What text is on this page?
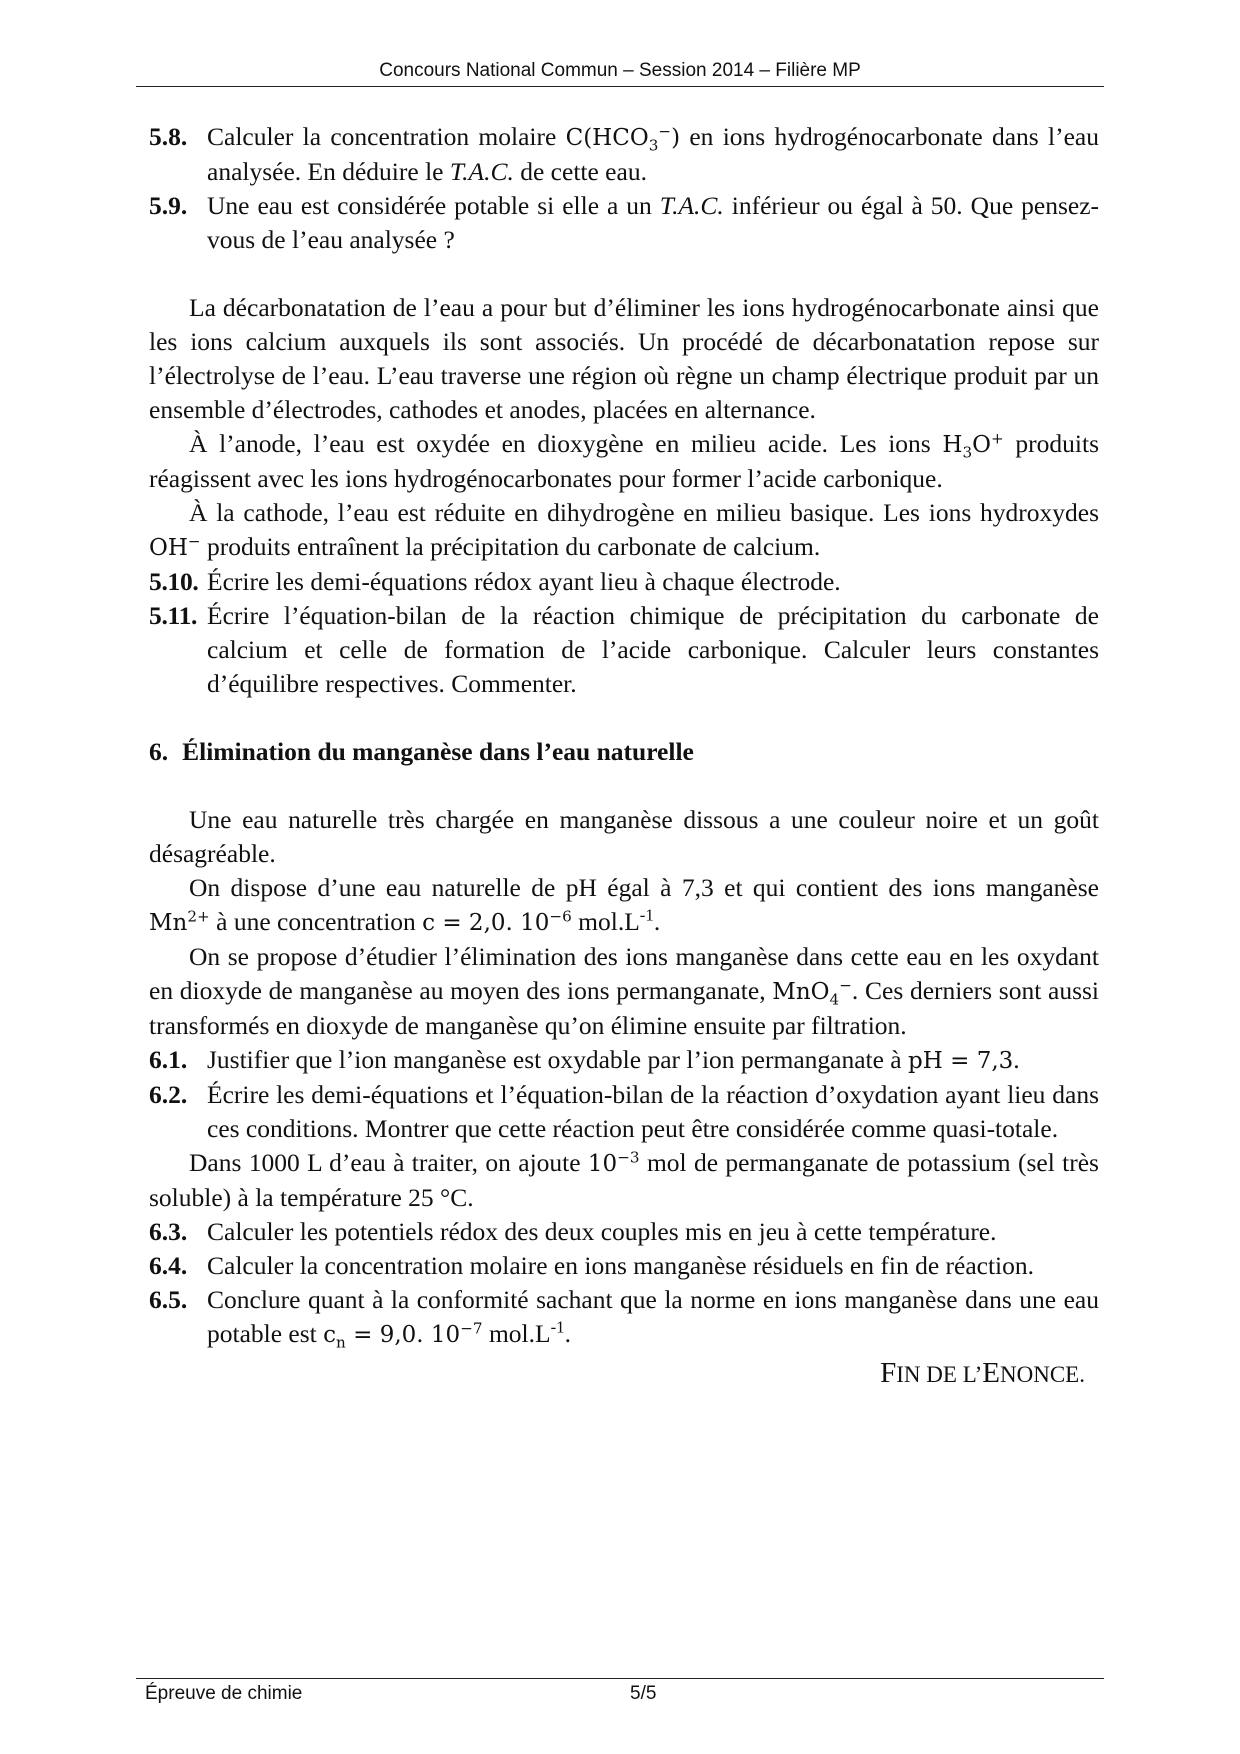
Concours National Commun – Session 2014 – Filière MP
5.8. Calculer la concentration molaire $C(HCO_3^-)$ en ions hydrogénocarbonate dans l’eau analysée. En déduire le T.A.C. de cette eau.
5.9. Une eau est considérée potable si elle a un T.A.C. inférieur ou égal à 50. Que pensez-vous de l’eau analysée ?
La décarbonatation de l’eau a pour but d’éliminer les ions hydrogénocarbonate ainsi que les ions calcium auxquels ils sont associés. Un procédé de décarbonatation repose sur l’électrolyse de l’eau. L’eau traverse une région où règne un champ électrique produit par un ensemble d’électrodes, cathodes et anodes, placées en alternance.
À l’anode, l’eau est oxydée en dioxygène en milieu acide. Les ions $H_3O^+$ produits réagissent avec les ions hydrogénocarbonates pour former l’acide carbonique.
À la cathode, l’eau est réduite en dihydrogène en milieu basique. Les ions hydroxydes OH− produits entraînent la précipitation du carbonate de calcium.
5.10. Écrire les demi-équations rédox ayant lieu à chaque électrode.
5.11. Écrire l’équation-bilan de la réaction chimique de précipitation du carbonate de calcium et celle de formation de l’acide carbonique. Calculer leurs constantes d’équilibre respectives. Commenter.
6. Élimination du manganèse dans l’eau naturelle
Une eau naturelle très chargée en manganèse dissous a une couleur noire et un goût désagréable.
On dispose d’une eau naturelle de pH égal à 7,3 et qui contient des ions manganèse $Mn^{2+}$ à une concentration c = 2,0. $10^{-6}$ $mol.L^{-1}$.
On se propose d’étudier l’élimination des ions manganèse dans cette eau en les oxydant en dioxyde de manganèse au moyen des ions permanganate, MnO$_4$−. Ces derniers sont aussi transformés en dioxyde de manganèse qu’on élimine ensuite par filtration.
6.1. Justifier que l’ion manganèse est oxydable par l’ion permanganate à pH = 7,3.
6.2. Écrire les demi-équations et l’équation-bilan de la réaction d’oxydation ayant lieu dans ces conditions. Montrer que cette réaction peut être considérée comme quasi-totale.
Dans 1000 L d’eau à traiter, on ajoute $10^{-3}$ mol de permanganate de potassium (sel très soluble) à la température 25 °C.
6.3. Calculer les potentiels rédox des deux couples mis en jeu à cette température.
6.4. Calculer la concentration molaire en ions manganèse résiduels en fin de réaction.
6.5. Conclure quant à la conformité sachant que la norme en ions manganèse dans une eau potable est $c_n = 9,0$. $10^{-7}$ $mol.L^{-1}$.
FIN DE L’ENONCE.
Épreuve de chimie	5/5
